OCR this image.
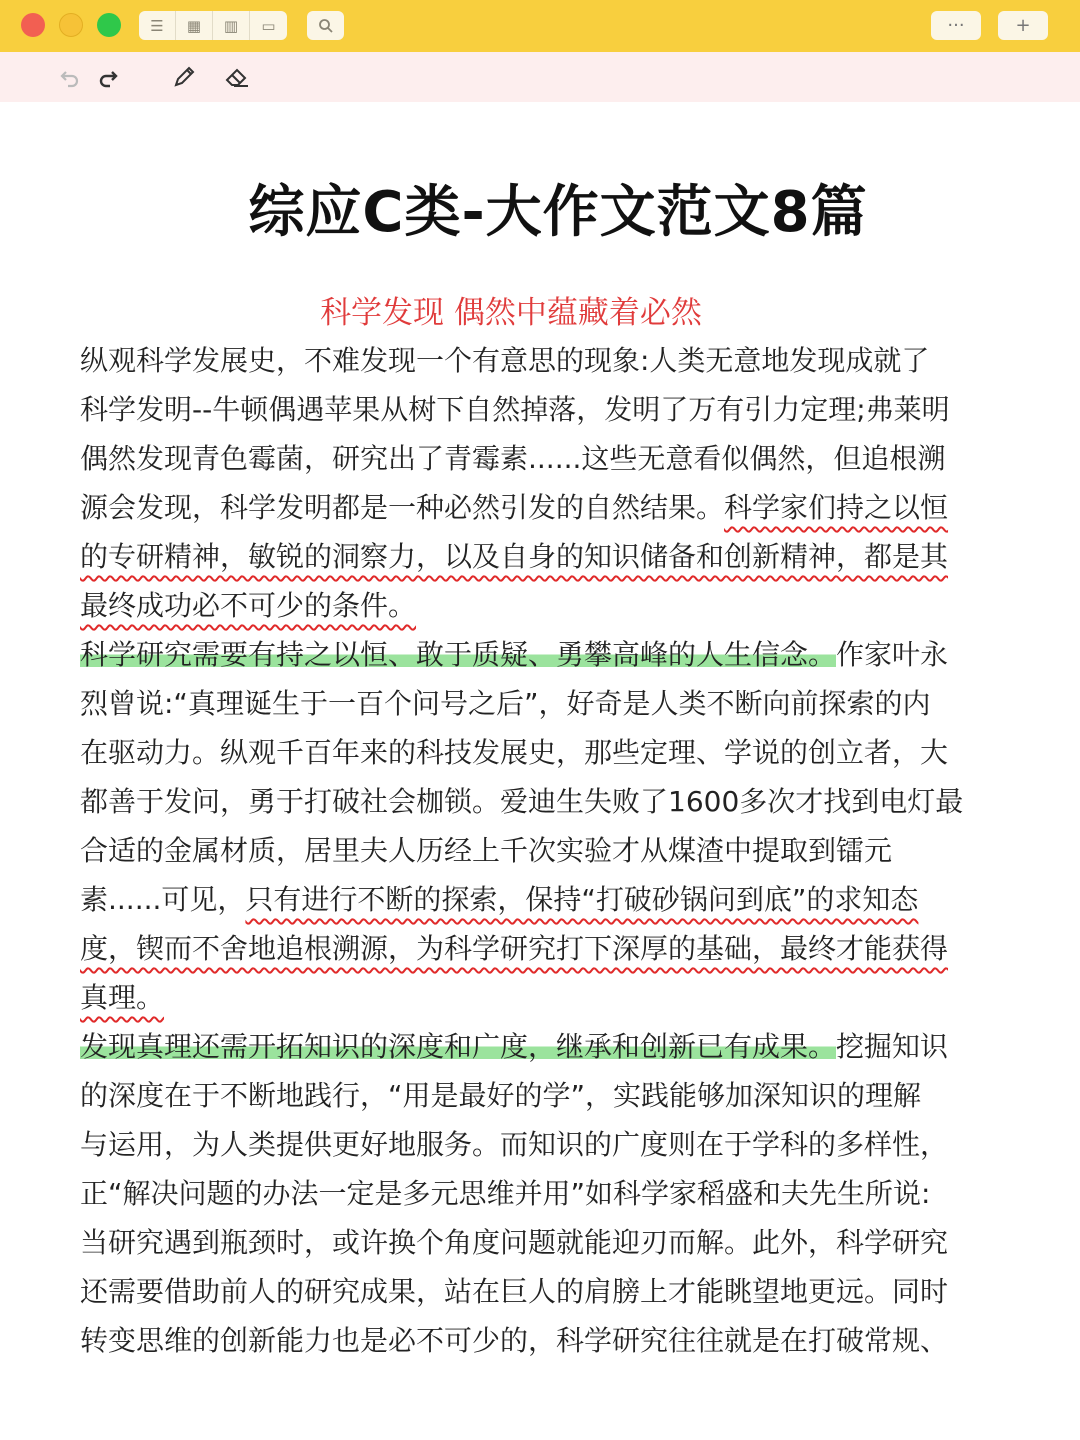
☰	▦	▥	▭	···	+
综应C类-大作文范文8篇
科学发现 偶然中蕴藏着必然
纵观科学发展史，不难发现一个有意思的现象:人类无意地发现成就了
科学发明--牛顿偶遇苹果从树下自然掉落，发明了万有引力定理;弗莱明
偶然发现青色霉菌，研究出了青霉素......这些无意看似偶然，但追根溯
源会发现，科学发明都是一种必然引发的自然结果。科学家们持之以恒
的专研精神，敏锐的洞察力，以及自身的知识储备和创新精神，都是其
最终成功必不可少的条件。
科学研究需要有持之以恒、敢于质疑、勇攀高峰的人生信念。作家叶永
烈曾说:“真理诞生于一百个问号之后”，好奇是人类不断向前探索的内
在驱动力。纵观千百年来的科技发展史，那些定理、学说的创立者，大
都善于发问，勇于打破社会枷锁。爱迪生失败了1600多次才找到电灯最
合适的金属材质，居里夫人历经上千次实验才从煤渣中提取到镭元
素......可见，只有进行不断的探索，保持“打破砂锅问到底”的求知态
度，锲而不舍地追根溯源，为科学研究打下深厚的基础，最终才能获得
真理。
发现真理还需开拓知识的深度和广度，继承和创新已有成果。挖掘知识
的深度在于不断地践行，“用是最好的学”，实践能够加深知识的理解
与运用，为人类提供更好地服务。而知识的广度则在于学科的多样性，
正“解决问题的办法一定是多元思维并用”如科学家稻盛和夫先生所说:
当研究遇到瓶颈时，或许换个角度问题就能迎刃而解。此外，科学研究
还需要借助前人的研究成果，站在巨人的肩膀上才能眺望地更远。同时
转变思维的创新能力也是必不可少的，科学研究往往就是在打破常规、
